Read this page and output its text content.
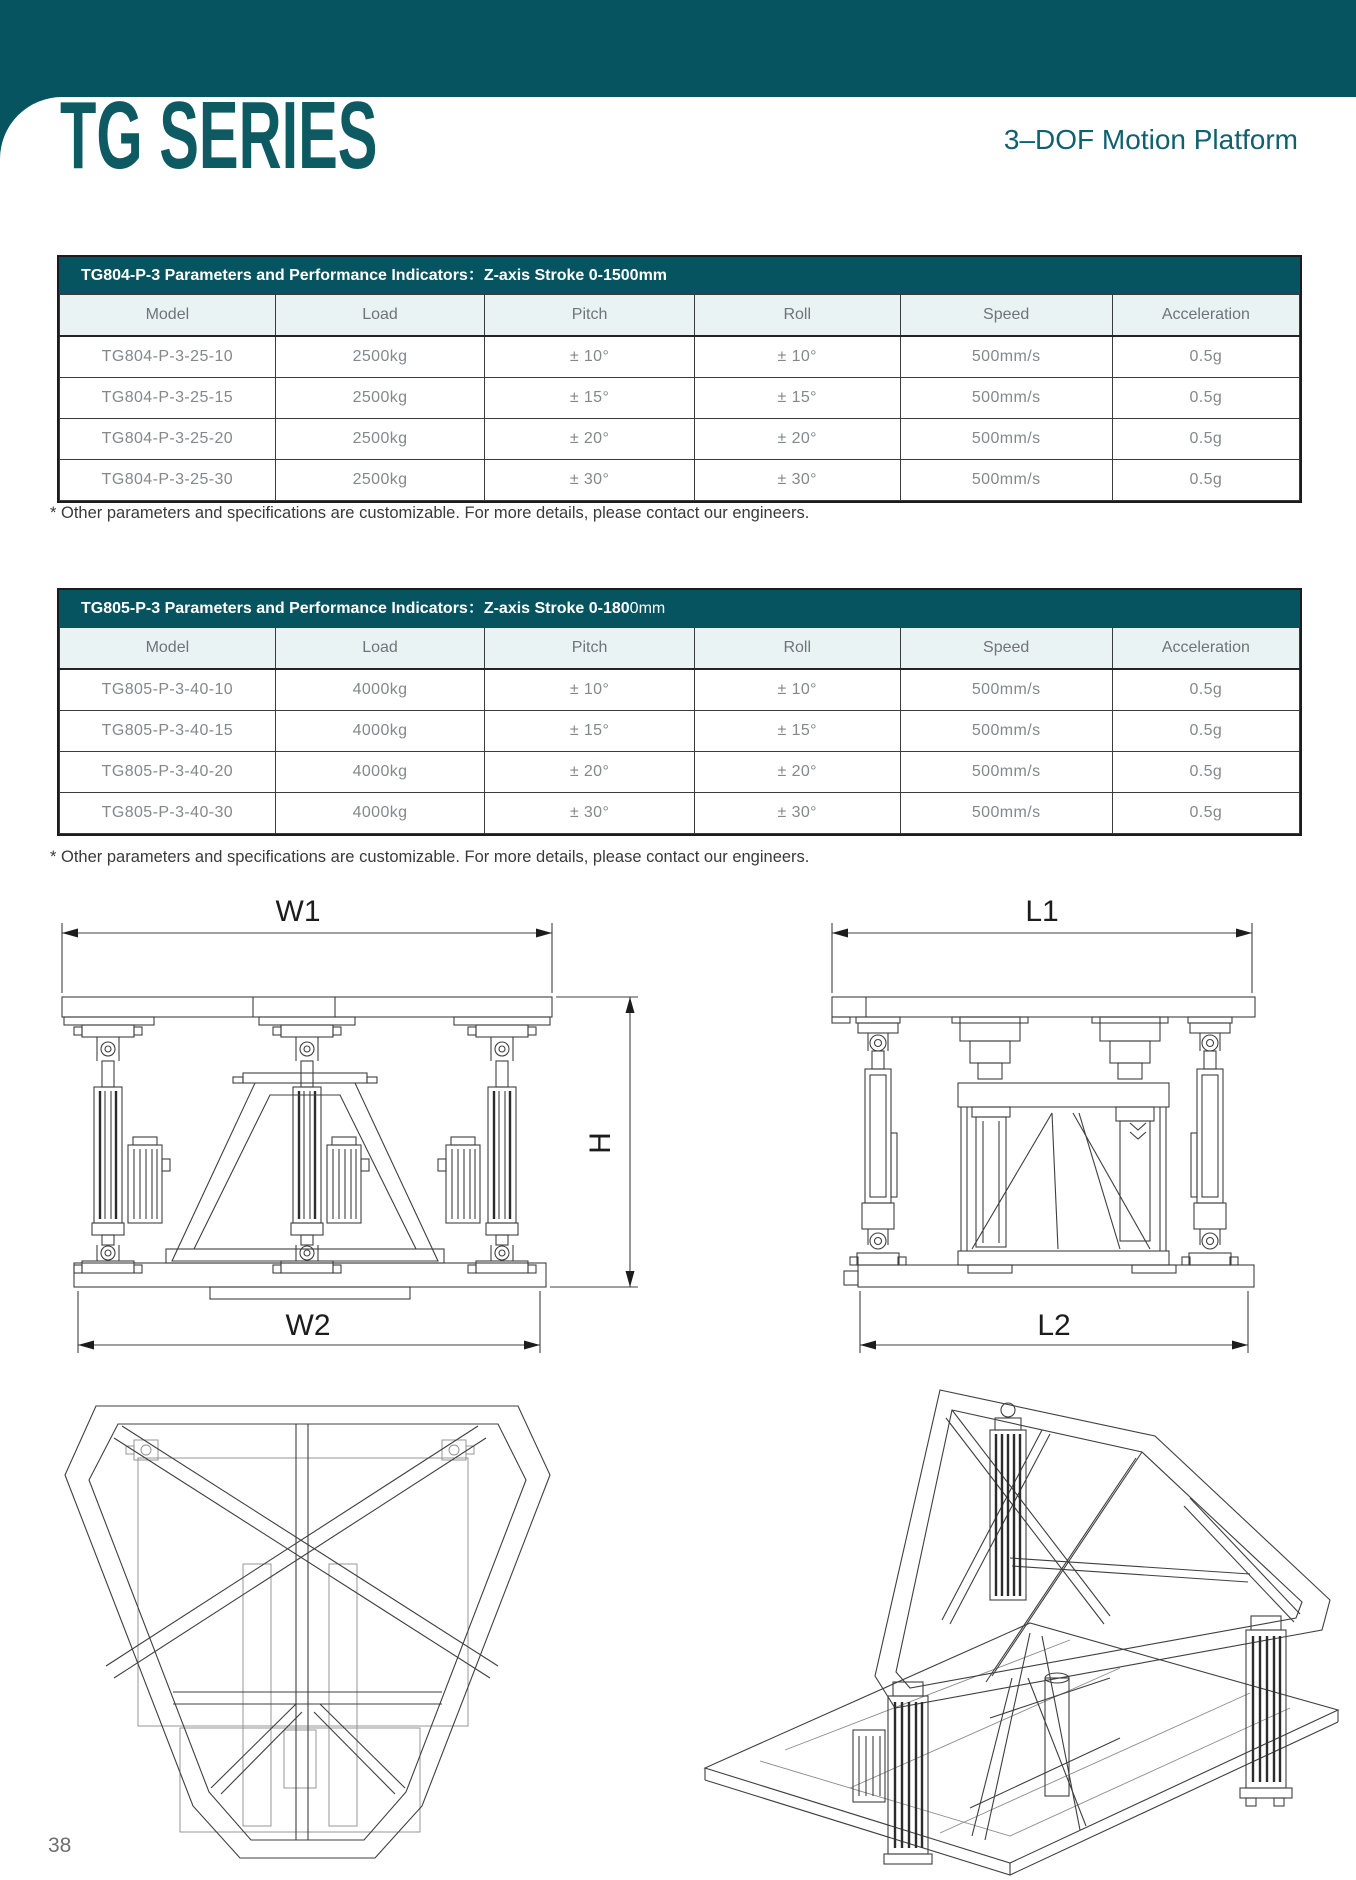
TG SERIES	3–DOF Motion Platform
TG804-P-3 Parameters and Performance Indicators：Z-axis Stroke 0-1500mm
Model	Load	Pitch	Roll	Speed	Acceleration
TG804-P-3-25-10	2500kg	± 10°	± 10°	500mm/s	0.5g
TG804-P-3-25-15	2500kg	± 15°	± 15°	500mm/s	0.5g
TG804-P-3-25-20	2500kg	± 20°	± 20°	500mm/s	0.5g
TG804-P-3-25-30	2500kg	± 30°	± 30°	500mm/s	0.5g
* Other parameters and specifications are customizable. For more details, please contact our engineers.
TG805-P-3 Parameters and Performance Indicators：Z-axis Stroke 0-1800mm
Model	Load	Pitch	Roll	Speed	Acceleration
TG805-P-3-40-10	4000kg	± 10°	± 10°	500mm/s	0.5g
TG805-P-3-40-15	4000kg	± 15°	± 15°	500mm/s	0.5g
TG805-P-3-40-20	4000kg	± 20°	± 20°	500mm/s	0.5g
TG805-P-3-40-30	4000kg	± 30°	± 30°	500mm/s	0.5g
* Other parameters and specifications are customizable. For more details, please contact our engineers.
W1
H
W2
L1
L2
38
